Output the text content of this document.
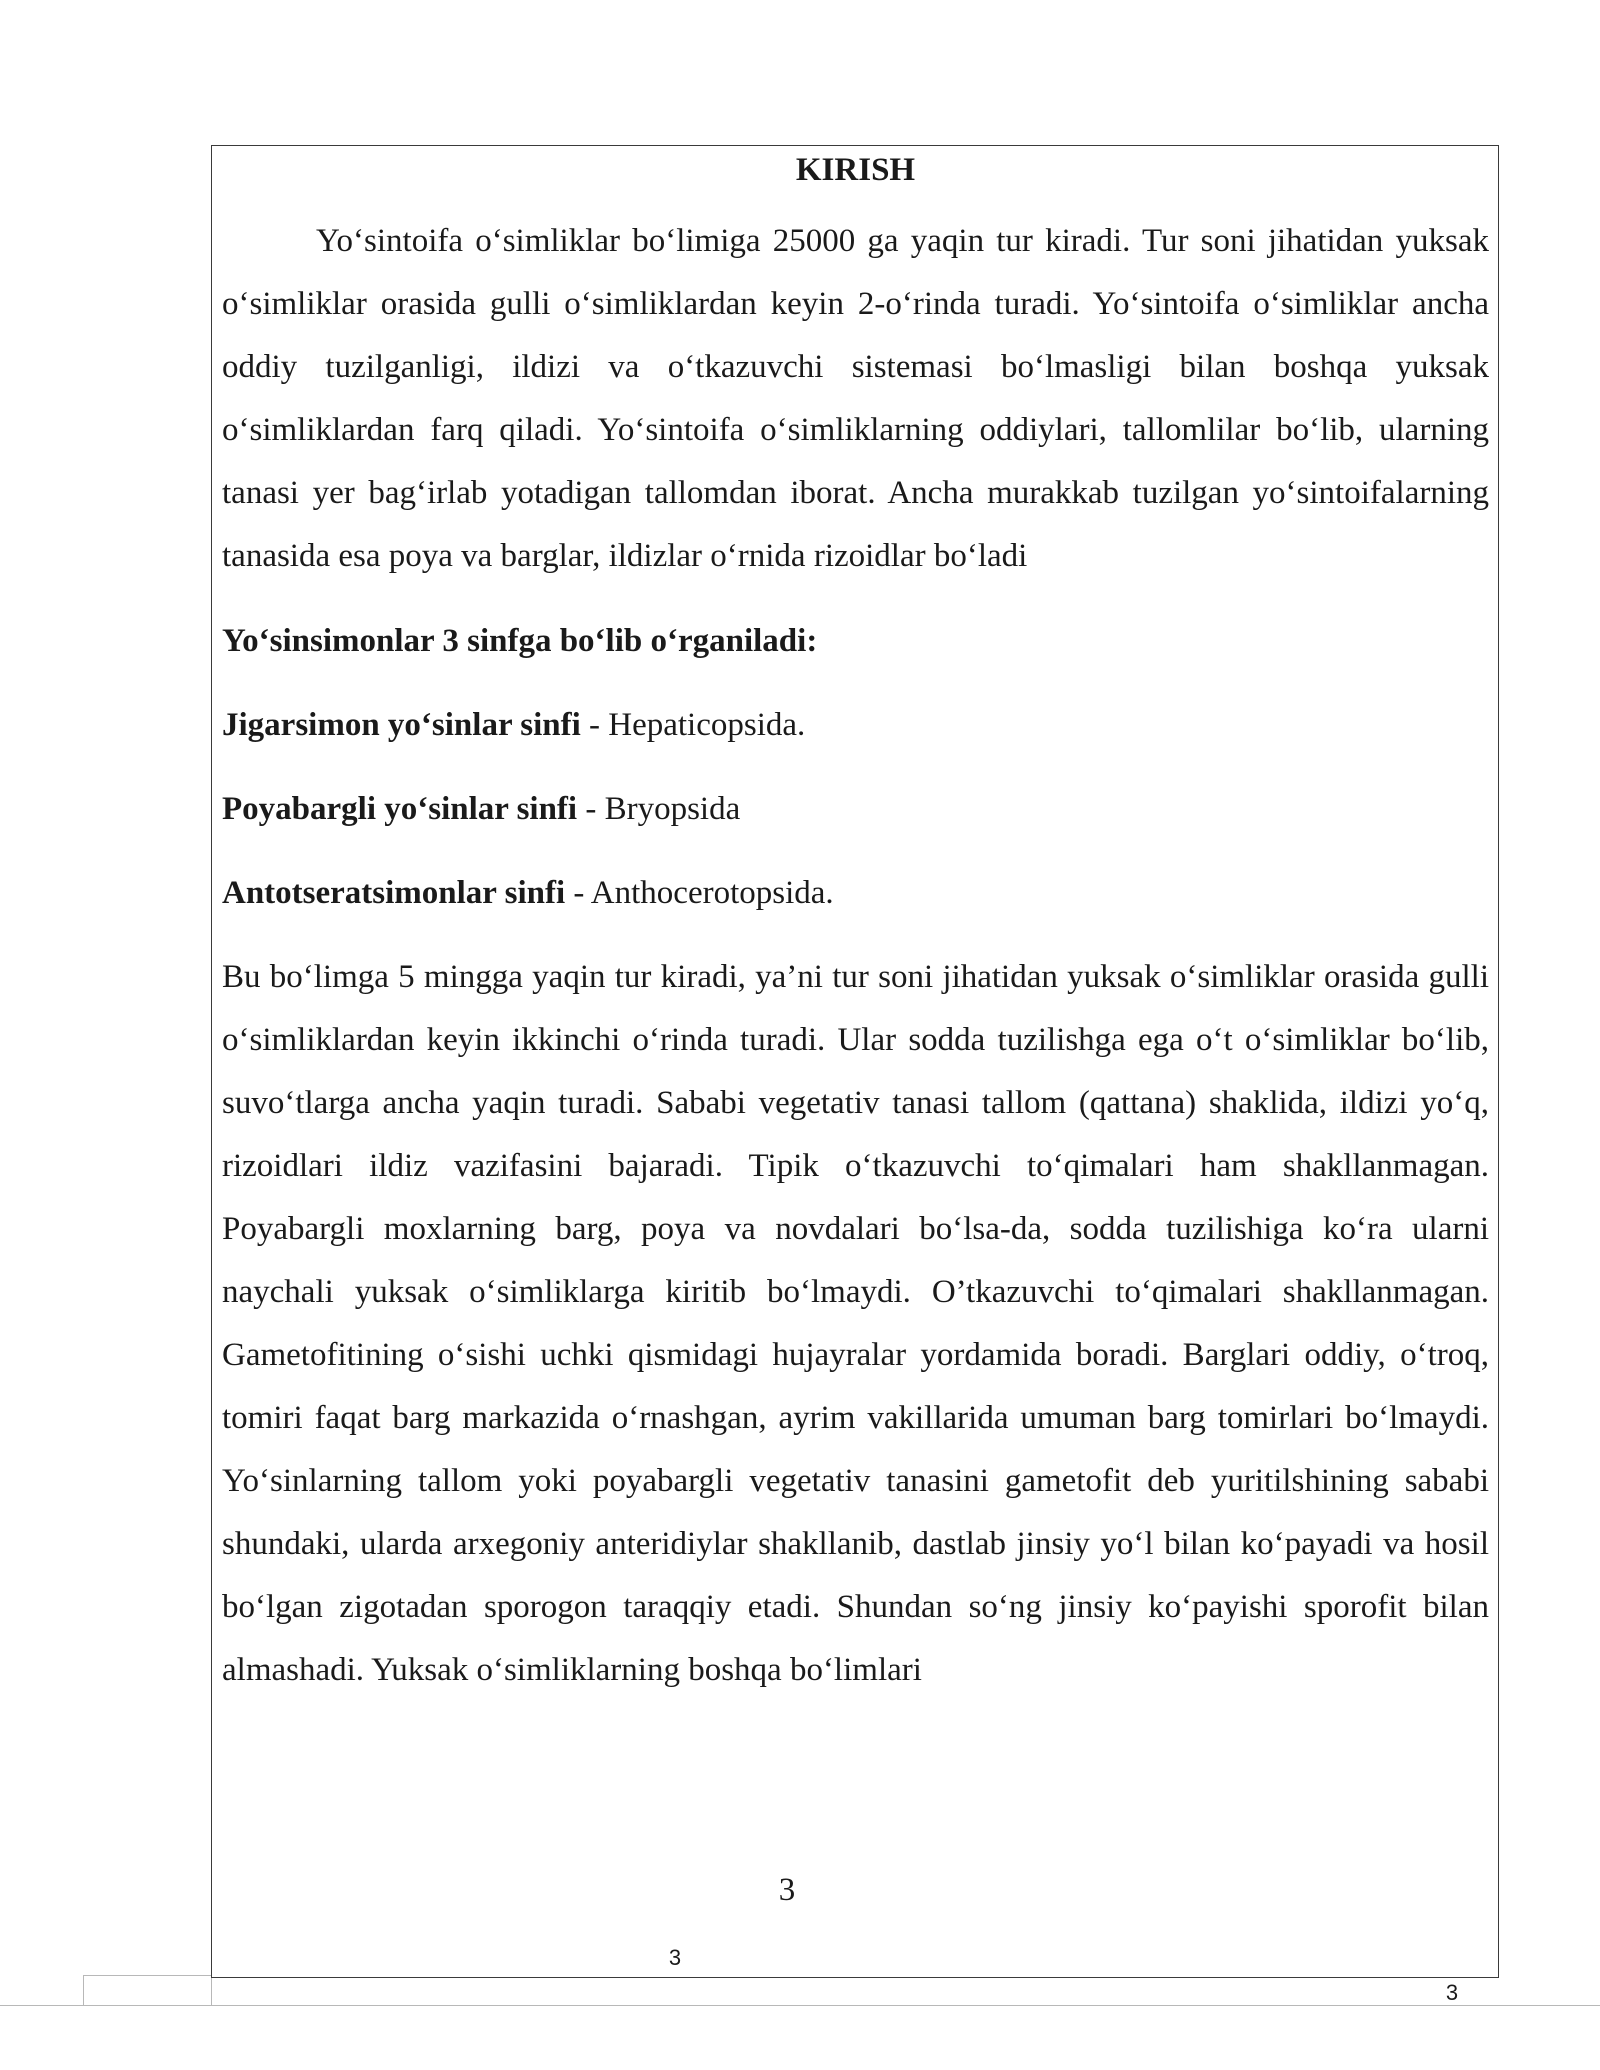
KIRISH

Yo‘sintoifa o‘simliklar bo‘limiga 25000 ga yaqin tur kiradi. Tur soni jihatidan yuksak o‘simliklar orasida gulli o‘simliklardan keyin 2-o‘rinda turadi. Yo‘sintoifa o‘simliklar ancha oddiy tuzilganligi, ildizi va o‘tkazuvchi sistemasi bo‘lmasligi bilan boshqa yuksak o‘simliklardan farq qiladi. Yo‘sintoifa o‘simliklarning oddiylari, tallomlilar bo‘lib, ularning tanasi yer bag‘irlab yotadigan tallomdan iborat. Ancha murakkab tuzilgan yo‘sintoifalarning tanasida esa poya va barglar, ildizlar o‘rnida rizoidlar bo‘ladi

Yo‘sinsimonlar 3 sinfga bo‘lib o‘rganiladi:

Jigarsimon yo‘sinlar sinfi - Hepaticopsida.

Poyabargli yo‘sinlar sinfi - Bryopsida

Antotseratsimonlar sinfi - Anthocerotopsida.

Bu bo‘limga 5 mingga yaqin tur kiradi, ya’ni tur soni jihatidan yuksak o‘simliklar orasida gulli o‘simliklardan keyin ikkinchi o‘rinda turadi. Ular sodda tuzilishga ega o‘t o‘simliklar bo‘lib, suvo‘tlarga ancha yaqin turadi. Sababi vegetativ tanasi tallom (qattana) shaklida, ildizi yo‘q, rizoidlari ildiz vazifasini bajaradi. Tipik o‘tkazuvchi to‘qimalari ham shakllanmagan. Poyabargli moxlarning barg, poya va novdalari bo‘lsa-da, sodda tuzilishiga ko‘ra ularni naychali yuksak o‘simliklarga kiritib bo‘lmaydi. O’tkazuvchi to‘qimalari shakllanmagan. Gametofitining o‘sishi uchki qismidagi hujayralar yordamida boradi. Barglari oddiy, o‘troq, tomiri faqat barg markazida o‘rnashgan, ayrim vakillarida umuman barg tomirlari bo‘lmaydi. Yo‘sinlarning tallom yoki poyabargli vegetativ tanasini gametofit deb yuritilshining sababi shundaki, ularda arxegoniy anteridiylar shakllanib, dastlab jinsiy yo‘l bilan ko‘payadi va hosil bo‘lgan zigotadan sporogon taraqqiy etadi. Shundan so‘ng jinsiy ko‘payishi sporofit bilan almashadi. Yuksak o‘simliklarning boshqa bo‘limlari

3
3
3
